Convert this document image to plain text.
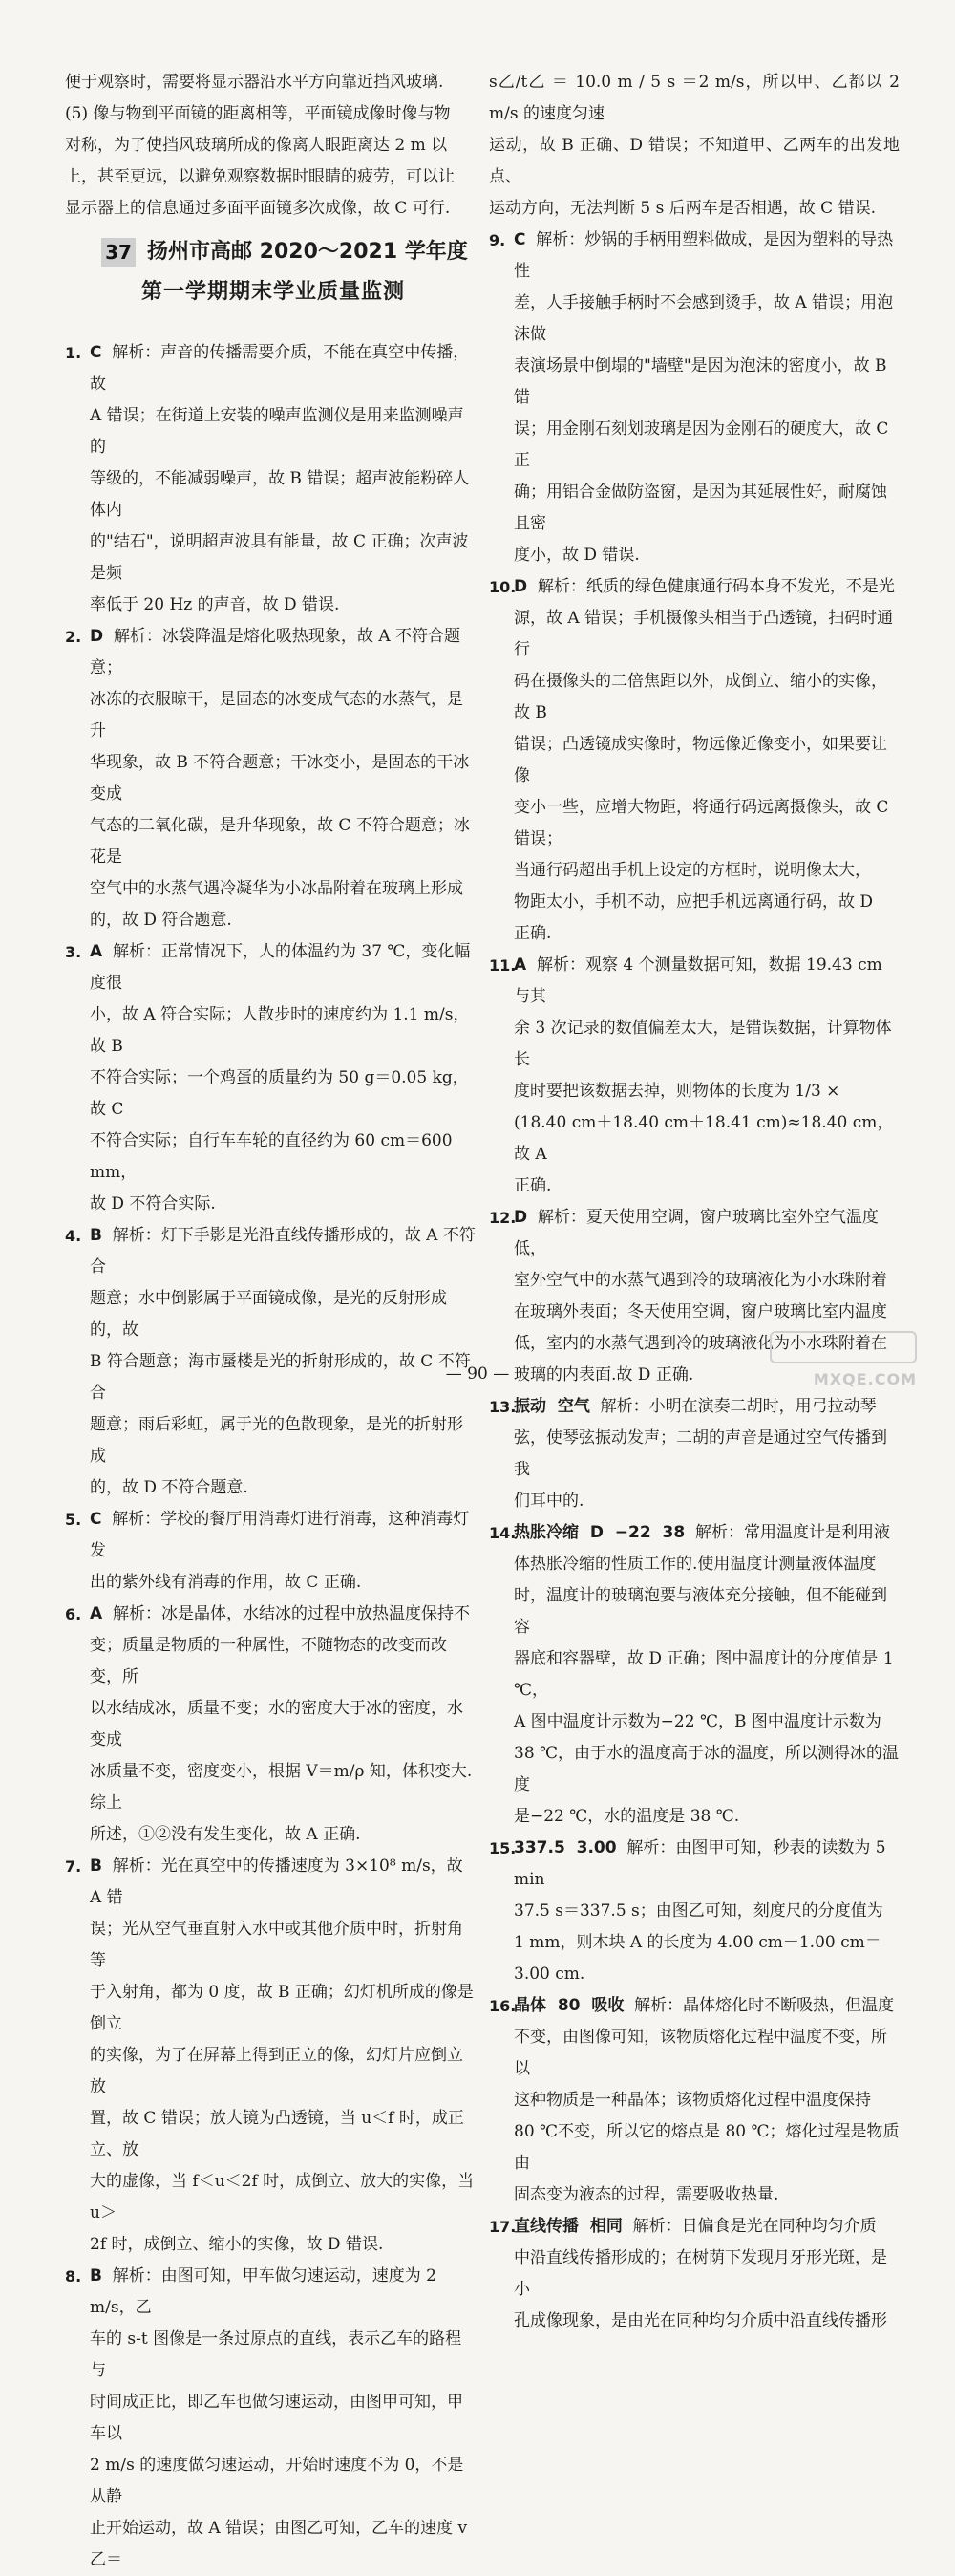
便于观察时，需要将显示器沿水平方向靠近挡风玻璃.

(5) 像与物到平面镜的距离相等，平面镜成像时像与物

对称，为了使挡风玻璃所成的像离人眼距离达 2 m 以

上，甚至更远，以避免观察数据时眼睛的疲劳，可以让

显示器上的信息通过多面平面镜多次成像，故 C 可行.

37 扬州市高邮 2020～2021 学年度
第一学期期末学业质量监测
1. C  解析：声音的传播需要介质，不能在真空中传播，故
A 错误；在街道上安装的噪声监测仪是用来监测噪声的
等级的，不能减弱噪声，故 B 错误；超声波能粉碎人体内
的"结石"，说明超声波具有能量，故 C 正确；次声波是频
率低于 20 Hz 的声音，故 D 错误.
2. D  解析：冰袋降温是熔化吸热现象，故 A 不符合题意；
冰冻的衣服晾干，是固态的冰变成气态的水蒸气，是升
华现象，故 B 不符合题意；干冰变小，是固态的干冰变成
气态的二氧化碳，是升华现象，故 C 不符合题意；冰花是
空气中的水蒸气遇冷凝华为小冰晶附着在玻璃上形成
的，故 D 符合题意.
3. A  解析：正常情况下，人的体温约为 37 ℃，变化幅度很
小，故 A 符合实际；人散步时的速度约为 1.1 m/s，故 B
不符合实际；一个鸡蛋的质量约为 50 g＝0.05 kg，故 C
不符合实际；自行车车轮的直径约为 60 cm＝600 mm，
故 D 不符合实际.
4. B  解析：灯下手影是光沿直线传播形成的，故 A 不符合
题意；水中倒影属于平面镜成像，是光的反射形成的，故
B 符合题意；海市蜃楼是光的折射形成的，故 C 不符合
题意；雨后彩虹，属于光的色散现象，是光的折射形成
的，故 D 不符合题意.
5. C  解析：学校的餐厅用消毒灯进行消毒，这种消毒灯发
出的紫外线有消毒的作用，故 C 正确.
6. A  解析：冰是晶体，水结冰的过程中放热温度保持不
变；质量是物质的一种属性，不随物态的改变而改变，所
以水结成冰，质量不变；水的密度大于冰的密度，水变成
冰质量不变，密度变小，根据 V＝m/ρ 知，体积变大.综上
所述，①②没有发生变化，故 A 正确.
7. B  解析：光在真空中的传播速度为 3×10⁸ m/s，故 A 错
误；光从空气垂直射入水中或其他介质中时，折射角等
于入射角，都为 0 度，故 B 正确；幻灯机所成的像是倒立
的实像，为了在屏幕上得到正立的像，幻灯片应倒立放
置，故 C 错误；放大镜为凸透镜，当 u＜f 时，成正立、放
大的虚像，当 f＜u＜2f 时，成倒立、放大的实像，当 u＞
2f 时，成倒立、缩小的实像，故 D 错误.
8. B  解析：由图可知，甲车做匀速运动，速度为 2 m/s，乙
车的 s-t 图像是一条过原点的直线，表示乙车的路程与
时间成正比，即乙车也做匀速运动，由图甲可知，甲车以
2 m/s 的速度做匀速运动，开始时速度不为 0，不是从静
止开始运动，故 A 错误；由图乙可知，乙车的速度 v乙＝

s乙/t乙 ＝ 10.0 m / 5 s ＝2 m/s，所以甲、乙都以 2 m/s 的速度匀速

运动，故 B 正确、D 错误；不知道甲、乙两车的出发地点、

运动方向，无法判断 5 s 后两车是否相遇，故 C 错误.

9. C  解析：炒锅的手柄用塑料做成，是因为塑料的导热性
差，人手接触手柄时不会感到烫手，故 A 错误；用泡沫做
表演场景中倒塌的"墙壁"是因为泡沫的密度小，故 B 错
误；用金刚石刻划玻璃是因为金刚石的硬度大，故 C 正
确；用铝合金做防盗窗，是因为其延展性好，耐腐蚀且密
度小，故 D 错误.
10.
D  解析：纸质的绿色健康通行码本身不发光，不是光
源，故 A 错误；手机摄像头相当于凸透镜，扫码时通行
码在摄像头的二倍焦距以外，成倒立、缩小的实像，故 B
错误；凸透镜成实像时，物远像近像变小，如果要让像
变小一些，应增大物距，将通行码远离摄像头，故 C 错误；
当通行码超出手机上设定的方框时，说明像太大，
物距太小，手机不动，应把手机远离通行码，故 D
正确.
11.
A  解析：观察 4 个测量数据可知，数据 19.43 cm 与其
余 3 次记录的数值偏差太大，是错误数据，计算物体长
度时要把该数据去掉，则物体的长度为 1/3 ×
(18.40 cm＋18.40 cm＋18.41 cm)≈18.40 cm，故 A
正确.
12.
D  解析：夏天使用空调，窗户玻璃比室外空气温度低，
室外空气中的水蒸气遇到冷的玻璃液化为小水珠附着
在玻璃外表面；冬天使用空调，窗户玻璃比室内温度
低，室内的水蒸气遇到冷的玻璃液化为小水珠附着在
玻璃的内表面.故 D 正确.
13.
振动  空气  解析：小明在演奏二胡时，用弓拉动琴
弦，使琴弦振动发声；二胡的声音是通过空气传播到我
们耳中的.
14.
热胀冷缩  D  −22  38  解析：常用温度计是利用液
体热胀冷缩的性质工作的.使用温度计测量液体温度
时，温度计的玻璃泡要与液体充分接触，但不能碰到容
器底和容器壁，故 D 正确；图中温度计的分度值是 1 ℃，
A 图中温度计示数为−22 ℃，B 图中温度计示数为
38 ℃，由于水的温度高于冰的温度，所以测得冰的温度
是−22 ℃，水的温度是 38 ℃.
15.
337.5  3.00  解析：由图甲可知，秒表的读数为 5 min
37.5 s＝337.5 s；由图乙可知，刻度尺的分度值为
1 mm，则木块 A 的长度为 4.00 cm－1.00 cm＝
3.00 cm.
16.
晶体  80  吸收  解析：晶体熔化时不断吸热，但温度
不变，由图像可知，该物质熔化过程中温度不变，所以
这种物质是一种晶体；该物质熔化过程中温度保持
80 ℃不变，所以它的熔点是 80 ℃；熔化过程是物质由
固态变为液态的过程，需要吸收热量.
17.
直线传播  相同  解析：日偏食是光在同种均匀介质
中沿直线传播形成的；在树荫下发现月牙形光斑，是小
孔成像现象，是由光在同种均匀介质中沿直线传播形
— 90 —	MXQE.COM
